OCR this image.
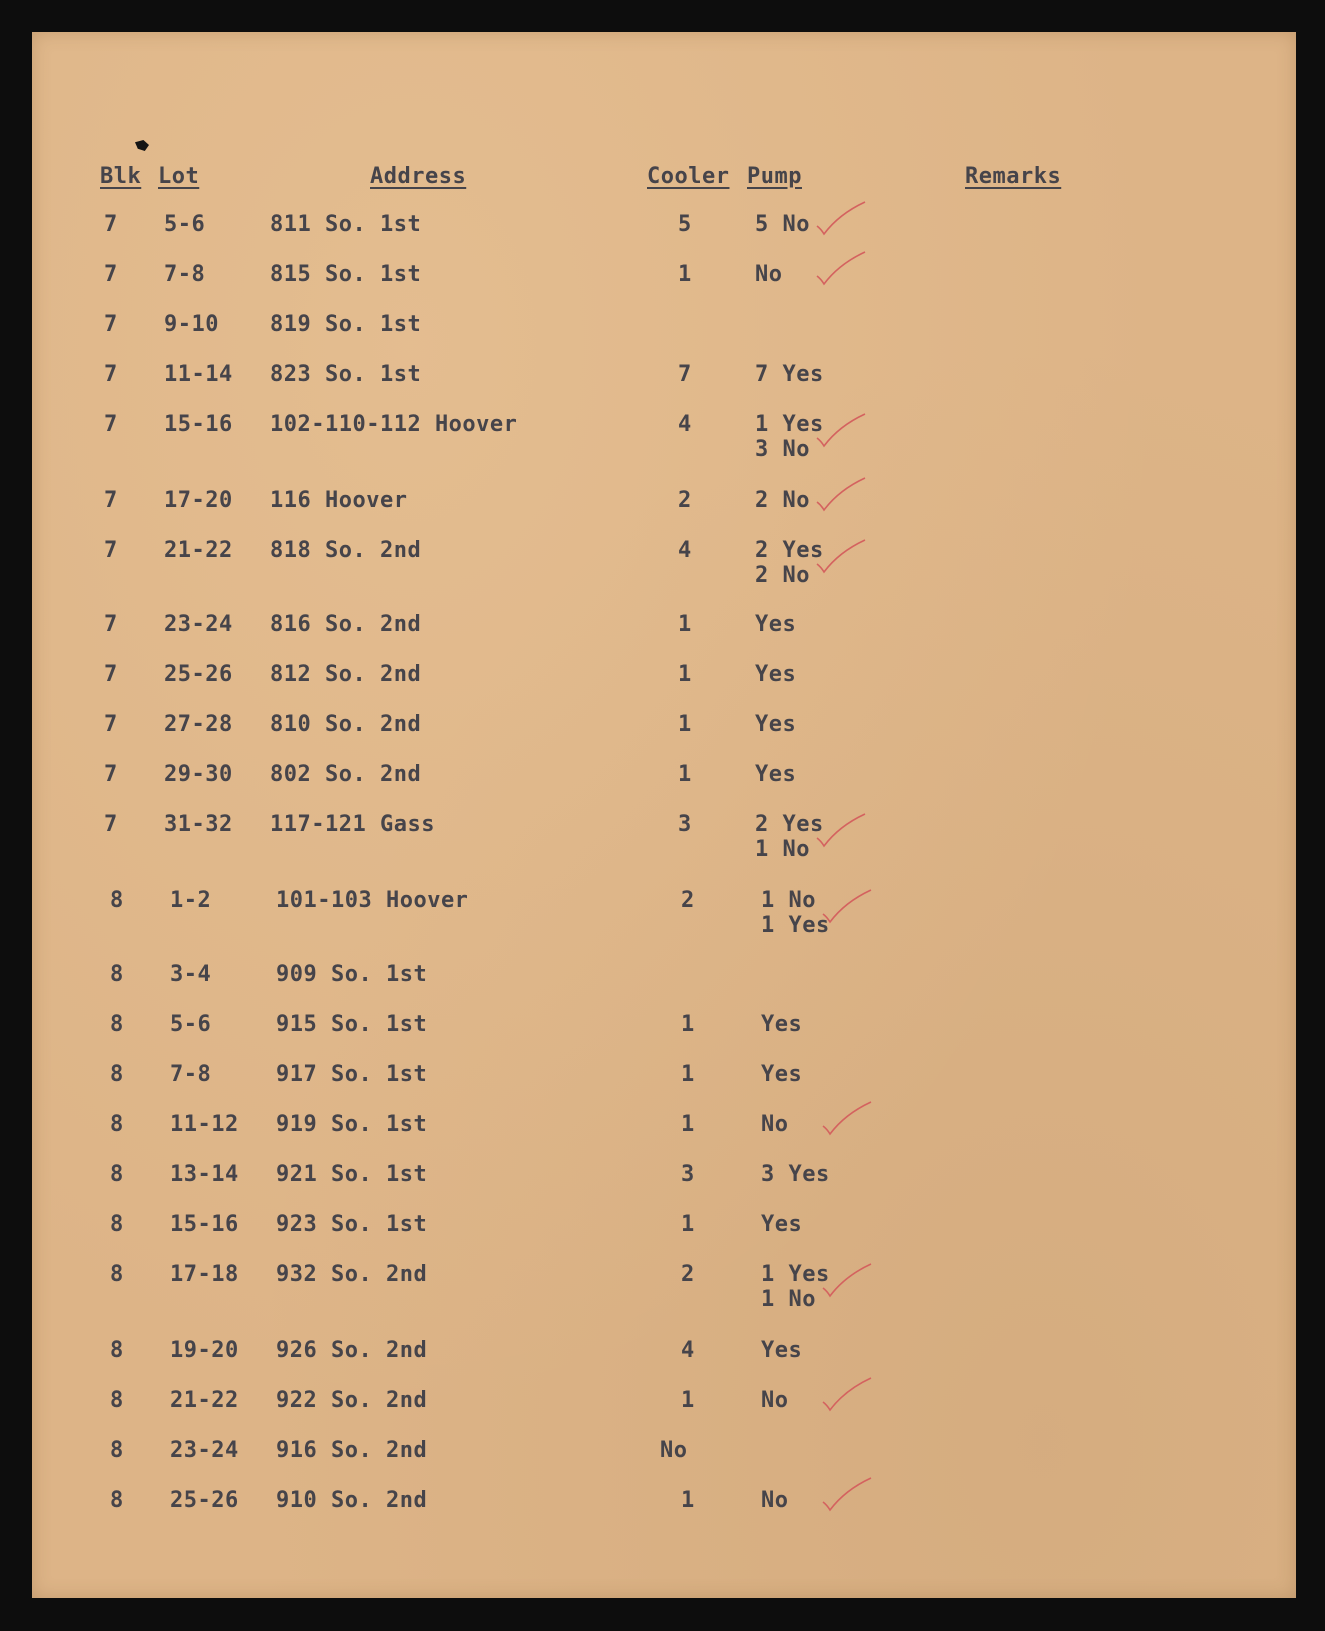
Blk Lot	Address	Cooler Pump	Remarks
7 5-6	811 So. 1st	5	5 No
7 7-8	815 So. 1st	1	No
7 9-10 819 So. 1st
7 11-14 823 So. 1st	7	7 Yes
7 15-16 102-110-112 Hoover	4	1 Yes
3 No
7 17-20 116 Hoover	2	2 No
7 21-22 818 So. 2nd	4	2 Yes
2 No
7 23-24 816 So. 2nd	1	Yes
7 25-26 812 So. 2nd	1	Yes
7 27-28 810 So. 2nd	1	Yes
7 29-30 802 So. 2nd	1	Yes
7 31-32 117-121 Gass	3	2 Yes
1 No
8 1-2	101-103 Hoover	2	1 No
1 Yes
8 3-4	909 So. 1st
8 5-6	915 So. 1st	1	Yes
8 7-8	917 So. 1st	1	Yes
8 11-12 919 So. 1st	1	No
8 13-14 921 So. 1st	3	3 Yes
8 15-16 923 So. 1st	1	Yes
8 17-18 932 So. 2nd	2	1 Yes
1 No
8 19-20 926 So. 2nd	4	Yes
8 21-22 922 So. 2nd	1	No
8 23-24 916 So. 2nd	No
8 25-26 910 So. 2nd	1	No
